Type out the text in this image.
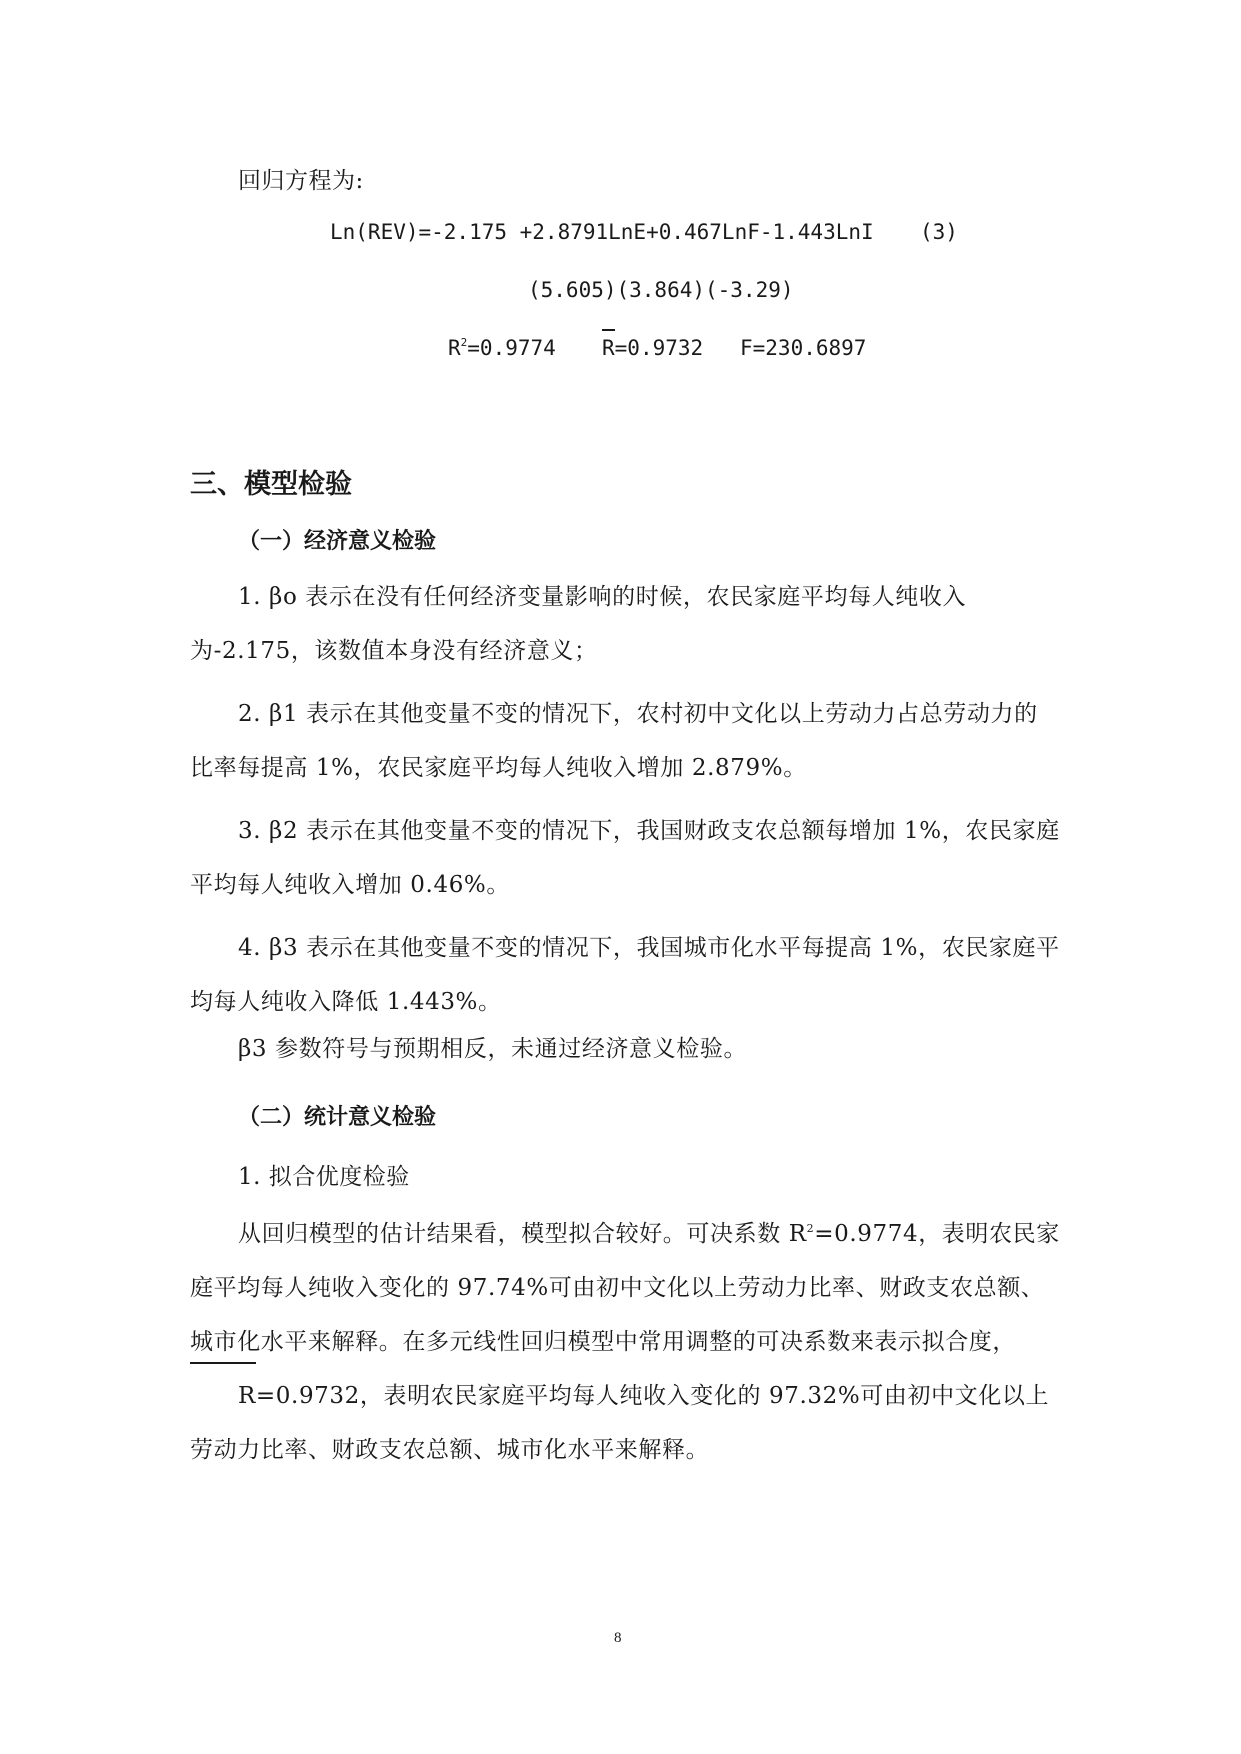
回归方程为:
Ln(REV)=-2.175 +2.8791LnE+0.467LnF-1.443LnI (3)
(5.605)(3.864)(-3.29)
$R^2=0.9774$ R=0.9732 F=230.6897
三、模型检验
（一）经济意义检验
1. βo 表示在没有任何经济变量影响的时候，农民家庭平均每人纯收入为-2.175，该数值本身没有经济意义；
2. β1 表示在其他变量不变的情况下，农村初中文化以上劳动力占总劳动力的比率每提高 1%，农民家庭平均每人纯收入增加 2.879%。
3. β2 表示在其他变量不变的情况下，我国财政支农总额每增加 1%，农民家庭平均每人纯收入增加 0.46%。
4. β3 表示在其他变量不变的情况下，我国城市化水平每提高 1%，农民家庭平均每人纯收入降低 1.443%。
β3 参数符号与预期相反，未通过经济意义检验。
（二）统计意义检验
1. 拟合优度检验
从回归模型的估计结果看，模型拟合较好。可决系数 $R^2=0.9774$，表明农民家庭平均每人纯收入变化的 97.74%可由初中文化以上劳动力比率、财政支农总额、城市化水平来解释。在多元线性回归模型中常用调整的可决系数来表示拟合度， R=0.9732，表明农民家庭平均每人纯收入变化的 97.32%可由初中文化以上劳动力比率、财政支农总额、城市化水平来解释。
8
